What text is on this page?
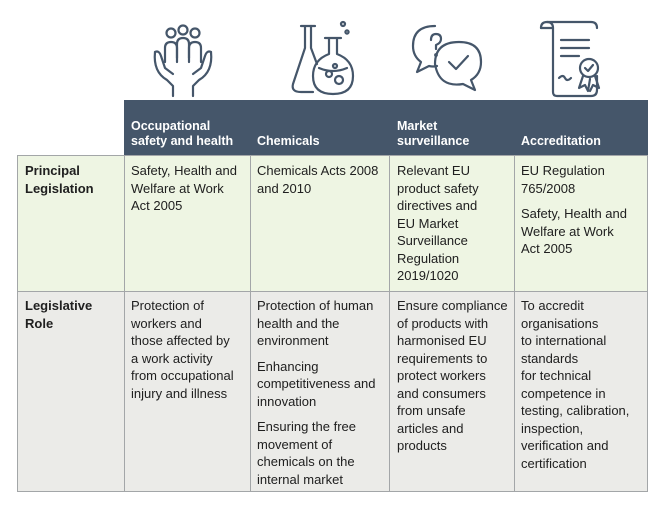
Occupational
safety and health Chemicals
Market
surveillance	Accreditation
Principal
Legislation
Safety, Health and
Welfare at Work
Act 2005
Chemicals Acts 2008
and 2010
Relevant EU
product safety
directives and
EU Market
Surveillance
Regulation
2019/1020

EU Regulation
765/2008

Safety, Health and
Welfare at Work
Act 2005

Legislative
Role
Protection of
workers and
those affected by
a work activity
from occupational
injury and illness

Protection of human
health and the
environment

Enhancing
competitiveness and
innovation

Ensuring the free
movement of
chemicals on the
internal market

Ensure compliance
of products with
harmonised EU
requirements to
protect workers
and consumers
from unsafe
articles and
products
To accredit
organisations
to international
standards
for technical
competence in
testing, calibration,
inspection,
verification and
certification
